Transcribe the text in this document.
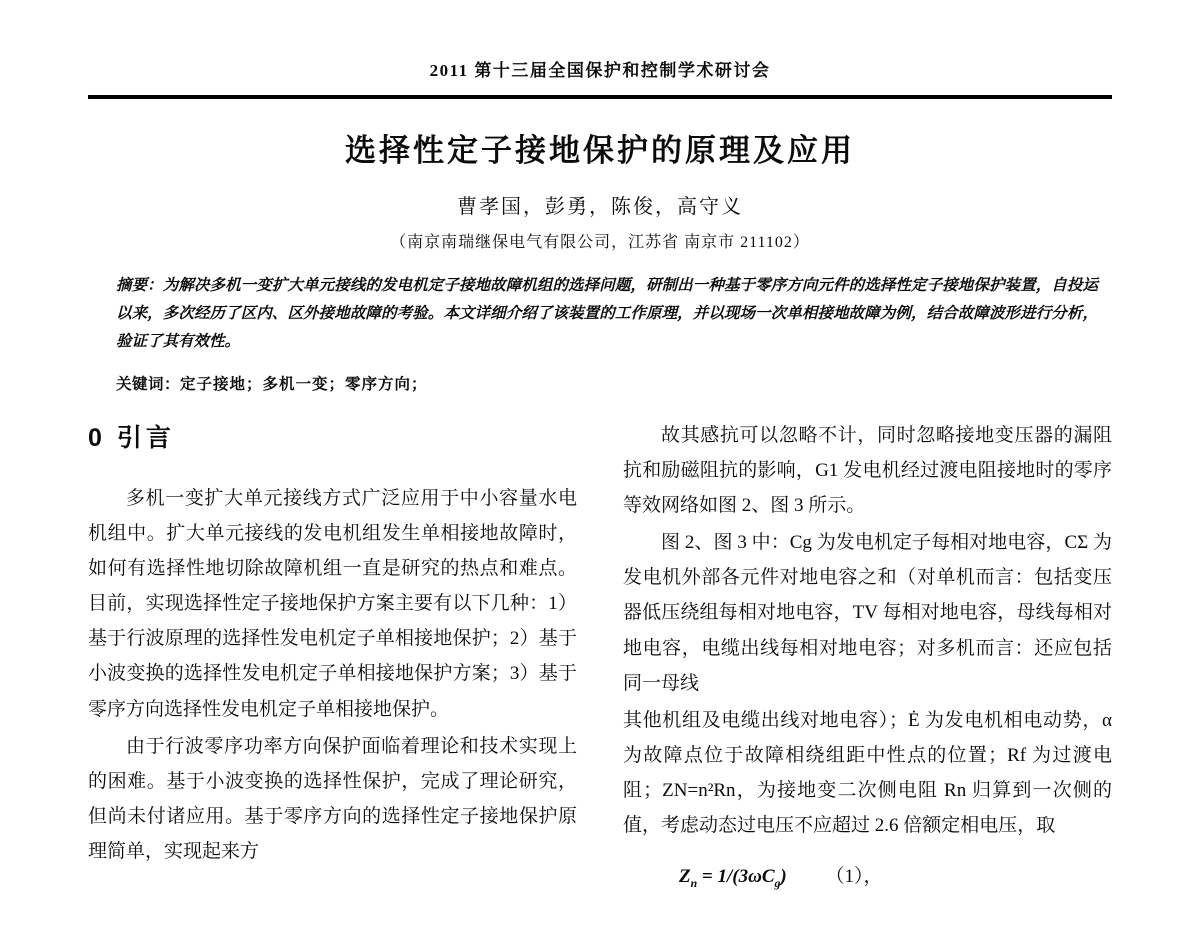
2011 第十三届全国保护和控制学术研讨会
选择性定子接地保护的原理及应用
曹孝国，彭勇，陈俊，高守义
（南京南瑞继保电气有限公司，江苏省 南京市 211102）
摘要：为解决多机一变扩大单元接线的发电机定子接地故障机组的选择问题，研制出一种基于零序方向元件的选择性定子接地保护装置，自投运以来，多次经历了区内、区外接地故障的考验。本文详细介绍了该装置的工作原理，并以现场一次单相接地故障为例，结合故障波形进行分析，验证了其有效性。
关键词：定子接地；多机一变；零序方向；
0 引言

多机一变扩大单元接线方式广泛应用于中小容量水电机组中。扩大单元接线的发电机组发生单相接地故障时，如何有选择性地切除故障机组一直是研究的热点和难点。目前，实现选择性定子接地保护方案主要有以下几种：1）基于行波原理的选择性发电机定子单相接地保护；2）基于小波变换的选择性发电机定子单相接地保护方案；3）基于零序方向选择性发电机定子单相接地保护。

由于行波零序功率方向保护面临着理论和技术实现上的困难。基于小波变换的选择性保护，完成了理论研究，但尚未付诸应用。基于零序方向的选择性定子接地保护原理简单，实现起来方

故其感抗可以忽略不计，同时忽略接地变压器的漏阻抗和励磁阻抗的影响，G1 发电机经过渡电阻接地时的零序等效网络如图 2、图 3 所示。

图 2、图 3 中：Cg 为发电机定子每相对地电容，CΣ 为发电机外部各元件对地电容之和（对单机而言：包括变压器低压绕组每相对地电容，TV 每相对地电容，母线每相对地电容，电缆出线每相对地电容；对多机而言：还应包括同一母线

其他机组及电缆出线对地电容）；Ė 为发电机相电动势，α 为故障点位于故障相绕组距中性点的位置；Rf 为过渡电阻；ZN=n²Rn，为接地变二次侧电阻 Rn 归算到一次侧的值，考虑动态过电压不应超过 2.6 倍额定相电压，取

$Z_n = 1/(3\omega C_g)$ （1），
